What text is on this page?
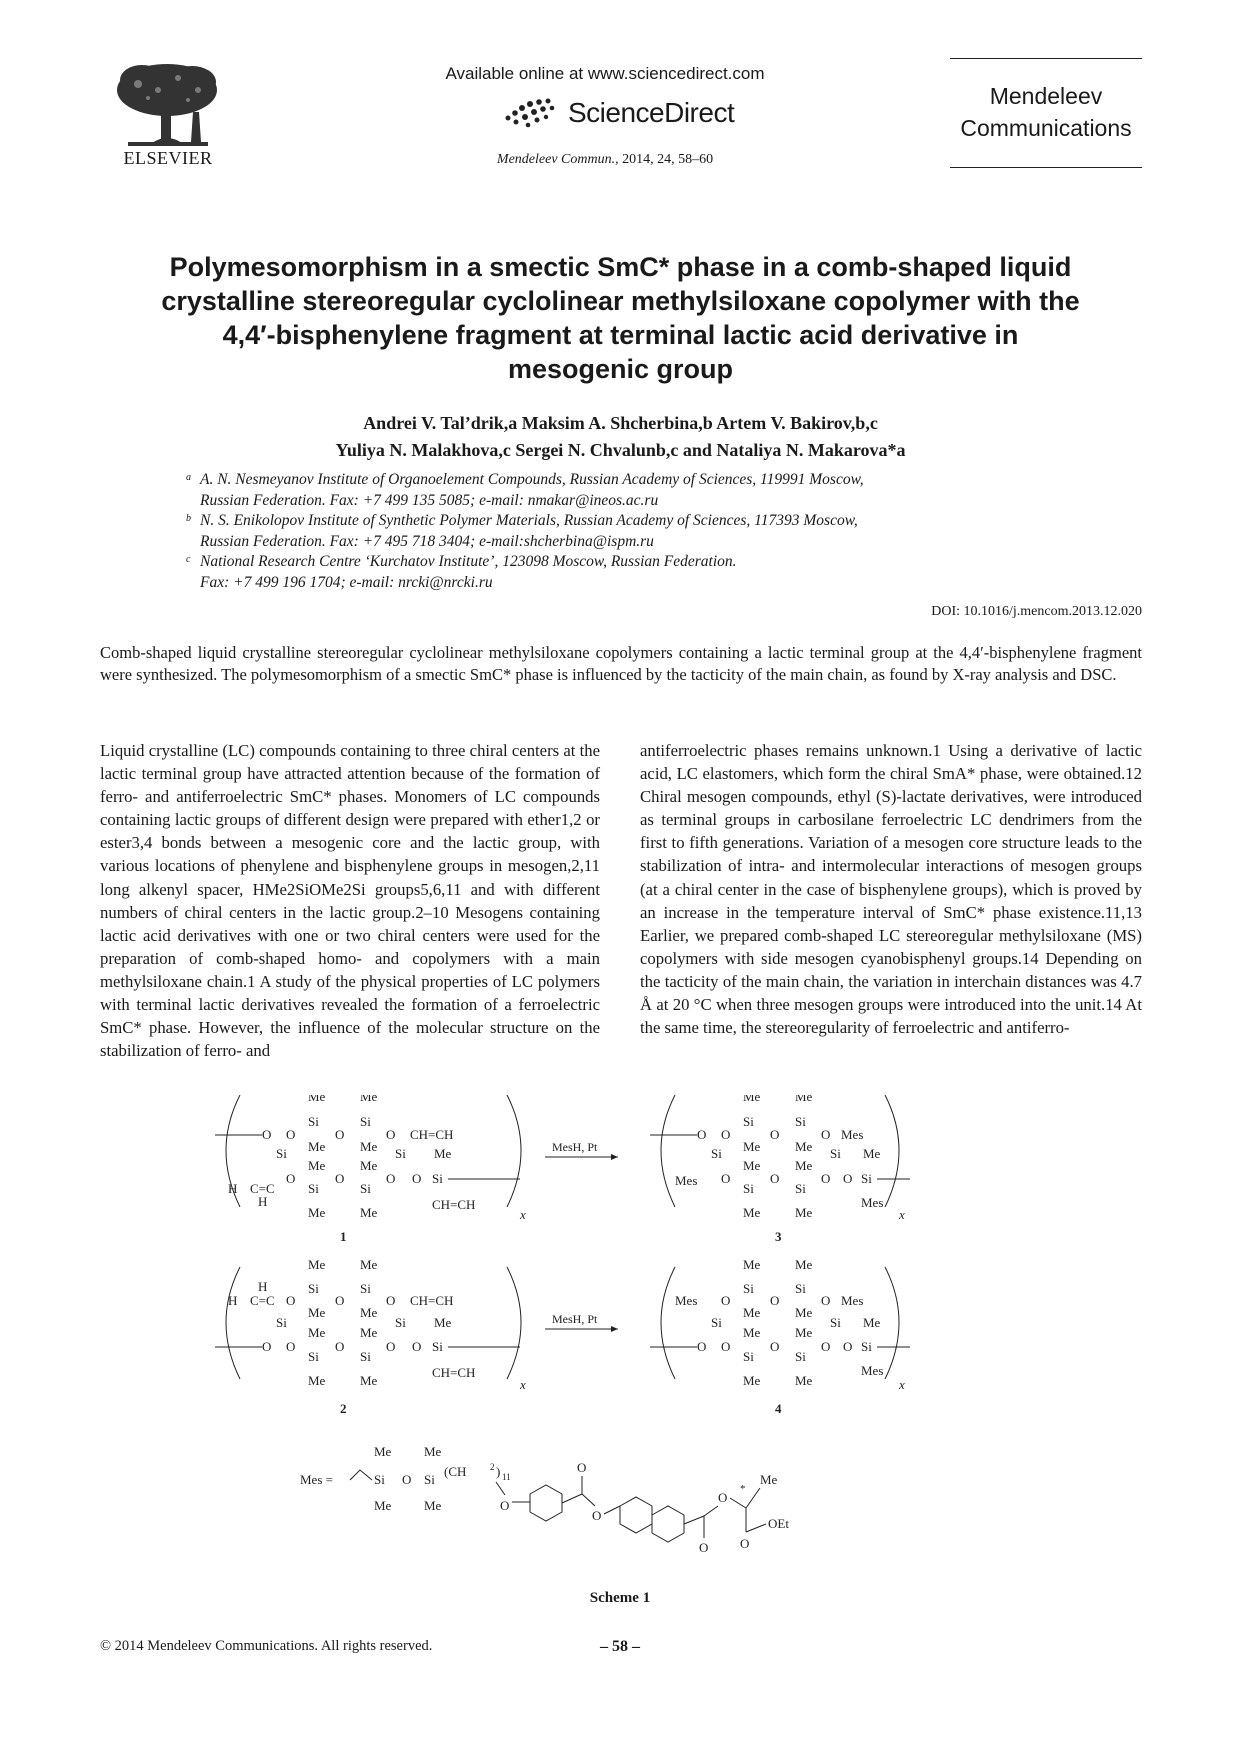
ELSEVIER
Available online at www.sciencedirect.com
ScienceDirect
Mendeleev Commun., 2014, 24, 58–60
Mendeleev
Communications
Polymesomorphism in a smectic SmC* phase in a comb-shaped liquid crystalline stereoregular cyclolinear methylsiloxane copolymer with the 4,4′-bisphenylene fragment at terminal lactic acid derivative in mesogenic group
Andrei V. Tal’drik,a Maksim A. Shcherbina,b Artem V. Bakirov,b,c
Yuliya N. Malakhova,c Sergei N. Chvalunb,c and Nataliya N. Makarova*a
a A. N. Nesmeyanov Institute of Organoelement Compounds, Russian Academy of Sciences, 119991 Moscow,
Russian Federation. Fax: +7 499 135 5085; e-mail: nmakar@ineos.ac.ru
b N. S. Enikolopov Institute of Synthetic Polymer Materials, Russian Academy of Sciences, 117393 Moscow,
Russian Federation. Fax: +7 495 718 3404; e-mail:shcherbina@ispm.ru
c National Research Centre ‘Kurchatov Institute’, 123098 Moscow, Russian Federation.
Fax: +7 499 196 1704; e-mail: nrcki@nrcki.ru
DOI: 10.1016/j.mencom.2013.12.020
Comb-shaped liquid crystalline stereoregular cyclolinear methylsiloxane copolymers containing a lactic terminal group at the 4,4′-bisphenylene fragment were synthesized. The polymesomorphism of a smectic SmC* phase is influenced by the tacticity of the main chain, as found by X-ray analysis and DSC.
Liquid crystalline (LC) compounds containing to three chiral centers at the lactic terminal group have attracted attention because of the formation of ferro- and antiferroelectric SmC* phases. Monomers of LC compounds containing lactic groups of different design were prepared with ether1,2 or ester3,4 bonds between a mesogenic core and the lactic group, with various locations of phenylene and bisphenylene groups in mesogen,2,11 long alkenyl spacer, HMe2SiOMe2Si groups5,6,11 and with different numbers of chiral centers in the lactic group.2–10 Mesogens containing lactic acid derivatives with one or two chiral centers were used for the preparation of comb-shaped homo- and copolymers with a main methylsiloxane chain.1 A study of the physical properties of LC polymers with terminal lactic derivatives revealed the formation of a ferroelectric SmC* phase. However, the influence of the molecular structure on the stabilization of ferro- and
antiferroelectric phases remains unknown.1 Using a derivative of lactic acid, LC elastomers, which form the chiral SmA* phase, were obtained.12 Chiral mesogen compounds, ethyl (S)-lactate derivatives, were introduced as terminal groups in carbosilane ferroelectric LC dendrimers from the first to fifth generations. Variation of a mesogen core structure leads to the stabilization of intra- and intermolecular interactions of mesogen groups (at a chiral center in the case of bisphenylene groups), which is proved by an increase in the temperature interval of SmC* phase existence.11,13 Earlier, we prepared comb-shaped LC stereoregular methylsiloxane (MS) copolymers with side mesogen cyanobisphenyl groups.14 Depending on the tacticity of the main chain, the variation in interchain distances was 4.7 Å at 20 °C when three mesogen groups were introduced into the unit.14 At the same time, the stereoregularity of ferroelectric and antiferro-
O O
Si
Me
Me
O
Si
Me
Me
O CH=CH
Si
H C=C
H
O
Me
Si
O
Me
Si
Me	Me
Si Me
O O Si
CH=CH
x
1
MesH, Pt
O O
Si
Me
Me
O
Si
Me
Me
O Mes
Si
Mes O
Me
Si
O
Me
Si
Me	Me
Si Me
O O Si
Mes
x
3
H
H C=C O
Si
Me
Me
O
Si
Me
Me
O CH=CH
Si
O O
Me
Si
O
Me
Si
Me	Me
Si Me
O O Si
CH=CH
x
2
MesH, Pt
Mes O
Si
Me
Me
O
Si
Me
Me
O Mes
Si
O O
Me
Si
O
Me
Si
Me	Me
Si Me
O O Si
Mes
x
4
Mes =	Si
Me
Me
O Si
Me
Me
(CH	2 ) 11
O
O
O
O
O
*
Me
O
OEt
Scheme 1
© 2014 Mendeleev Communications. All rights reserved.	– 58 –
